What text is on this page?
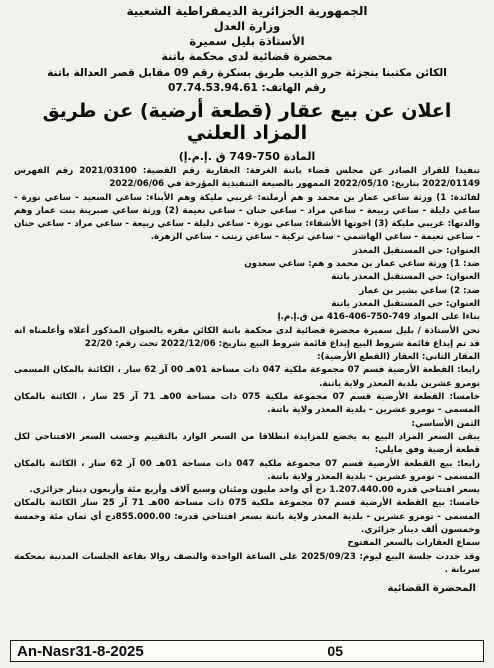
الجمهورية الجزائرية الديمقراطية الشعبية
وزارة العدل
الأستاذة بليل سميرة
محضرة قضائية لدى محكمة باتنة
الكائن مكتبنا بنجزئة جرو الذيب طريق بسكرة رقم 09 مقابل قصر العدالة باتنة
رقم الهاتف: 07.74.53.94.61
اعلان عن بيع عقار (قطعة أرضية) عن طريق المزاد العلني
المادة 750-749 ق .إ.م.إ)

تنفيذا للقرار الصادر عن مجلس قضاء باتنة الغرفة: العقارية رقم القضية: 2021/03100 رقم الفهرس 2022/01149 بتاريخ: 2022/05/10 الممهور بالصيغة التنفيذية المؤرخة في 2022/06/06

لفائدة: 1) ورثة ساعي عمار بن محمد و هم أرملته: غريبي مليكة وهم الأبناء: ساعي السعيد - ساعي نورة - ساعي دليلة - ساعي ربيعة - ساعي مراد - ساعي حنان - ساعي نعيمة (2) ورثة ساعي صبرينة بنت عمار وهم والدتها: غريبي مليكة (3) اخوتها الأشقاء: ساعي نورة - ساعي دليلة - ساعي ربيعة - ساعي مراد - ساعي حنان - ساعي نعيمة - ساعي الهاشمي - ساعي تركية - ساعي زينب - ساعي الزهرة.

العنوان: حي المستقبل المعذر

ضد: 1) ورثة ساعي عمار بن محمد و هم: ساعي سعدون

العنوان: حي المستقبل المعذر باتنة

ضد: 2) ساعي بشير بن عمار

العنوان: حي المستقبل المعذر باتنة

بناءا على المواد 749-750-406-416 من ق.إ.م.إ

نحن الأستاذة / بليل سميرة محضرة قضائية لدى محكمة باتنة الكائن مقره بالعنوان المذكور أعلاه وأعلمناه انه قد تم إيداع قائمة شروط البيع إيداع قائمة شروط البيع بتاريخ: 2022/12/06 تحت رقم: 22/20

المقار الثاني: العقار (القطع الأرضية):

رابعا: القطعة الأرضية قسم 07 مجموعة ملكية 047 ذات مساحة 01هـ 00 آر 62 سار ، الكائنة بالمكان المسمى نومرو عشرين بلدية المعذر ولاية باتنة.

خامسا: القطعة الأرضية قسم 07 مجموعة ملكية 075 ذات مساحة 00هـ 71 آر 25 سار ، الكائنة بالمكان المسمى - نومرو عشرين - بلدية المعذر ولاية باتنة.

الثمن الأساسي:

يبقى السعر المراد البيع به يخضع للمزايدة انطلاقا من السعر الوارد بالتقييم وحسب السعر الافتتاحي لكل قطعة أرضية وفق مايلي:

رابعا: بيع القطعة الأرضية قسم 07 مجموعة ملكية 047 ذات مساحة 01هـ 00 آر 62 سار ، الكائنة بالمكان المسمى - نومرو عشرين - بلدية المعذر ولاية باتنة.

بسعر افتتاحي قدره 1.207.440.00 دج أي واحد مليون ومئتان وسبع آلاف وأربع مئة وأربعون دينار جزائري.

خامسا: بيع القطعة الأرضية قسم 07 مجموعة ملكية 075 ذات مساحة 00هـ 71 آر 25 سار الكائنة بالمكان المسمى - نومرو عشرين - بلدية المعذر ولاية باتنة بسعر افتتاحي قدره: 855.000.00دج أي ثمان مئة وخمسة وخمسون ألف دينار جزائري.

سماع العقارات بالسعر المفتوح

وقد حددت جلسة البيع ليوم: 2025/09/23 على الساعة الواحدة والنصف زوالا بقاعة الجلسات المدنية بمحكمة سريانة .

المحضرة القضائية
An-Nasr31-8-2025	05
